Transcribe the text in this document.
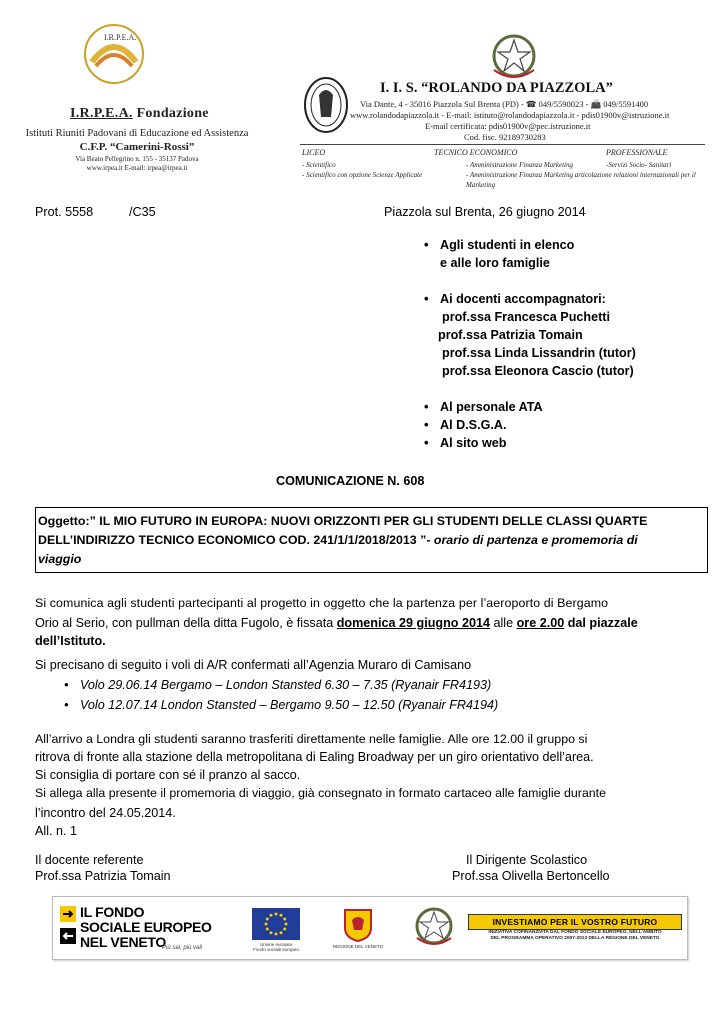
I.R.P.E.A.
I.R.P.E.A. Fondazione
Istituti Riuniti Padovani di Educazione ed Assistenza
C.F.P. “Camerini-Rossi”
Via Beato Pellegrino n. 155 - 35137 Padova
www.irpea.it E-mail: irpea@irpea.it
I. I. S. “ROLANDO DA PIAZZOLA”
Via Dante, 4 - 35016 Piazzola Sul Brenta (PD) - ☎ 049/5590023 - 📠 049/5591400
www.rolandodapiazzola.it - E-mail: istituto@rolandodapiazzola.it - pdis01900v@istruzione.it
E-mail certificata: pdis01900v@pec.istruzione.it
Cod. fisc. 92189730283
LICEO
- Scientifico
- Scientifico con opzione Scienze Applicate
TECNICO ECONOMICO
- Amministrazione Finanza Marketing
- Amministrazione Finanza Marketing articolazione relazioni internazionali per il Marketing
PROFESSIONALE
-Servizi Socio- Sanitari
Prot. 5558	/C35	Piazzola sul Brenta, 26 giugno 2014
• Agli studenti in elenco
e alle loro famiglie
• Ai docenti accompagnatori:
prof.ssa Francesca Puchetti
prof.ssa Patrizia Tomain
prof.ssa Linda Lissandrin (tutor)
prof.ssa Eleonora Cascio (tutor)
• Al personale ATA
• Al D.S.G.A.
• Al sito web
COMUNICAZIONE N. 608
Oggetto:” IL MIO FUTURO IN EUROPA: NUOVI ORIZZONTI PER GLI STUDENTI DELLE CLASSI QUARTE
DELL’INDIRIZZO TECNICO ECONOMICO COD. 241/1/1/2018/2013 ”- orario di partenza e promemoria di
viaggio
Si comunica agli studenti partecipanti al progetto in oggetto che la partenza per l’aeroporto di Bergamo
Orio al Serio, con pullman della ditta Fugolo, è fissata domenica 29 giugno 2014 alle ore 2.00 dal piazzale
dell’Istituto.
Si precisano di seguito i voli di A/R confermati all’Agenzia Muraro di Camisano
• Volo 29.06.14 Bergamo – London Stansted 6.30 – 7.35 (Ryanair FR4193)
• Volo 12.07.14 London Stansted – Bergamo 9.50 – 12.50 (Ryanair FR4194)
All’arrivo a Londra gli studenti saranno trasferiti direttamente nelle famiglie. Alle ore 12.00 il gruppo si
ritrova di fronte alla stazione della metropolitana di Ealing Broadway per un giro orientativo dell’area.
Si consiglia di portare con sé il pranzo al sacco.
Si allega alla presente il promemoria di viaggio, già consegnato in formato cartaceo alle famiglie durante
l’incontro del 24.05.2014.
All. n. 1
Il docente referente
Prof.ssa Patrizia Tomain
Il Dirigente Scolastico
Prof.ssa Olivella Bertoncello
IL FONDO
SOCIALE EUROPEO
NEL VENETO
Più sai, più vali
Unione europea
Fondo sociale europeo
REGIONE DEL VENETO
INVESTIAMO PER IL VOSTRO FUTURO
INIZIATIVA COFINANZIATA DAL FONDO SOCIALE EUROPEO, NELL’AMBITO
DEL PROGRAMMA OPERATIVO 2007-2013 DELLA REGIONE DEL VENETO
